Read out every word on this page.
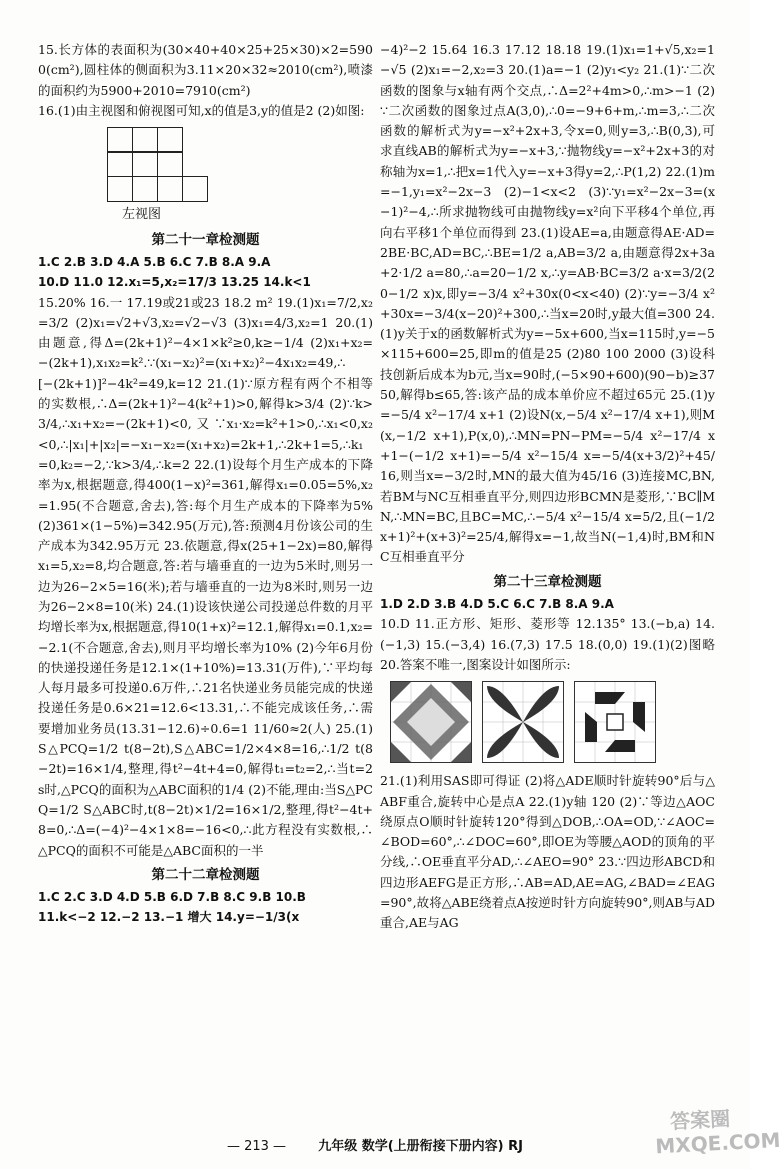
15.长方体的表面积为(30×40+40×25+25×30)×2=5900(cm²),圆柱体的侧面积为3.11×20×32≈2010(cm²),喷漆的面积约为5900+2010=7910(cm²)

16.(1)由主视图和俯视图可知,x的值是3,y的值是2 (2)如图:

左视图
第二十一章检测题

1.C 2.B 3.D 4.A 5.B 6.C 7.B 8.A 9.A

10.D 11.0 12.x₁=5,x₂=17/3 13.25 14.k<1

15.20% 16.一 17.19或21或23 18.2 m² 19.(1)x₁=7/2,x₂=3/2 (2)x₁=√2+√3,x₂=√2−√3 (3)x₁=4/3,x₂=1 20.(1)由题意,得Δ=(2k+1)²−4×1×k²≥0,k≥−1/4 (2)x₁+x₂=−(2k+1),x₁x₂=k².∵(x₁−x₂)²=(x₁+x₂)²−4x₁x₂=49,∴[−(2k+1)]²−4k²=49,k=12 21.(1)∵原方程有两个不相等的实数根,∴Δ=(2k+1)²−4(k²+1)>0,解得k>3/4 (2)∵k>3/4,∴x₁+x₂=−(2k+1)<0,又∵x₁·x₂=k²+1>0,∴x₁<0,x₂<0,∴|x₁|+|x₂|=−x₁−x₂=(x₁+x₂)=2k+1,∴2k+1=5,∴k₁=0,k₂=−2,∵k>3/4,∴k=2 22.(1)设每个月生产成本的下降率为x,根据题意,得400(1−x)²=361,解得x₁=0.05=5%,x₂=1.95(不合题意,舍去),答:每个月生产成本的下降率为5% (2)361×(1−5%)=342.95(万元),答:预测4月份该公司的生产成本为342.95万元 23.依题意,得x(25+1−2x)=80,解得x₁=5,x₂=8,均合题意,答:若与墙垂直的一边为5米时,则另一边为26−2×5=16(米);若与墙垂直的一边为8米时,则另一边为26−2×8=10(米) 24.(1)设该快递公司投递总件数的月平均增长率为x,根据题意,得10(1+x)²=12.1,解得x₁=0.1,x₂=−2.1(不合题意,舍去),则月平均增长率为10% (2)今年6月份的快递投递任务是12.1×(1+10%)=13.31(万件),∵平均每人每月最多可投递0.6万件,∴21名快递业务员能完成的快递投递任务是0.6×21=12.6<13.31,∴不能完成该任务,∴需要增加业务员(13.31−12.6)÷0.6=1 11/60≈2(人) 25.(1)S△PCQ=1/2 t(8−2t),S△ABC=1/2×4×8=16,∴1/2 t(8−2t)=16×1/4,整理,得t²−4t+4=0,解得t₁=t₂=2,∴当t=2 s时,△PCQ的面积为△ABC面积的1/4 (2)不能,理由:当S△PCQ=1/2 S△ABC时,t(8−2t)×1/2=16×1/2,整理,得t²−4t+8=0,∴Δ=(−4)²−4×1×8=−16<0,∴此方程没有实数根,∴△PCQ的面积不可能是△ABC面积的一半

第二十二章检测题

1.C 2.C 3.D 4.D 5.B 6.D 7.B 8.C 9.B 10.B

11.k<−2 12.−2 13.−1 增大 14.y=−1/3(x

−4)²−2 15.64 16.3 17.12 18.18 19.(1)x₁=1+√5,x₂=1−√5 (2)x₁=−2,x₂=3 20.(1)a=−1 (2)y₁<y₂ 21.(1)∵二次函数的图象与x轴有两个交点,∴Δ=2²+4m>0,∴m>−1 (2)∵二次函数的图象过点A(3,0),∴0=−9+6+m,∴m=3,∴二次函数的解析式为y=−x²+2x+3,令x=0,则y=3,∴B(0,3),可求直线AB的解析式为y=−x+3,∵抛物线y=−x²+2x+3的对称轴为x=1,∴把x=1代入y=−x+3得y=2,∴P(1,2) 22.(1)m=−1,y₁=x²−2x−3 (2)−1<x<2 (3)∵y₁=x²−2x−3=(x−1)²−4,∴所求抛物线可由抛物线y=x²向下平移4个单位,再向右平移1个单位而得到 23.(1)设AE=a,由题意得AE·AD=2BE·BC,AD=BC,∴BE=1/2 a,AB=3/2 a,由题意得2x+3a+2·1/2 a=80,∴a=20−1/2 x,∴y=AB·BC=3/2 a·x=3/2(20−1/2 x)x,即y=−3/4 x²+30x(0<x<40) (2)∵y=−3/4 x²+30x=−3/4(x−20)²+300,∴当x=20时,y最大值=300 24.(1)y关于x的函数解析式为y=−5x+600,当x=115时,y=−5×115+600=25,即m的值是25 (2)80 100 2000 (3)设科技创新后成本为b元,当x=90时,(−5×90+600)(90−b)≥3750,解得b≤65,答:该产品的成本单价应不超过65元 25.(1)y=−5/4 x²−17/4 x+1 (2)设N(x,−5/4 x²−17/4 x+1),则M(x,−1/2 x+1),P(x,0),∴MN=PN−PM=−5/4 x²−17/4 x+1−(−1/2 x+1)=−5/4 x²−15/4 x=−5/4(x+3/2)²+45/16,则当x=−3/2时,MN的最大值为45/16 (3)连接MC,BN,若BM与NC互相垂直平分,则四边形BCMN是菱形,∵BC∥MN,∴MN=BC,且BC=MC,∴−5/4 x²−15/4 x=5/2,且(−1/2 x+1)²+(x+3)²=25/4,解得x=−1,故当N(−1,4)时,BM和NC互相垂直平分

第二十三章检测题

1.D 2.D 3.B 4.D 5.C 6.C 7.B 8.A 9.A

10.D 11.正方形、矩形、菱形等 12.135° 13.(−b,a) 14.(−1,3) 15.(−3,4) 16.(7,3) 17.5 18.(0,0) 19.(1)(2)图略 20.答案不唯一,图案设计如图所示:

21.(1)利用SAS即可得证 (2)将△ADE顺时针旋转90°后与△ABF重合,旋转中心是点A 22.(1)y轴 120 (2)∵等边△AOC绕原点O顺时针旋转120°得到△DOB,∴OA=OD,∵∠AOC=∠BOD=60°,∴∠DOC=60°,即OE为等腰△AOD的顶角的平分线,∴OE垂直平分AD,∴∠AEO=90° 23.∵四边形ABCD和四边形AEFG是正方形,∴AB=AD,AE=AG,∠BAD=∠EAG=90°,故将△ABE绕着点A按逆时针方向旋转90°,则AB与AD重合,AE与AG

— 213 — 九年级 数学(上册衔接下册内容) RJ
答案圈 MXQE.COM
